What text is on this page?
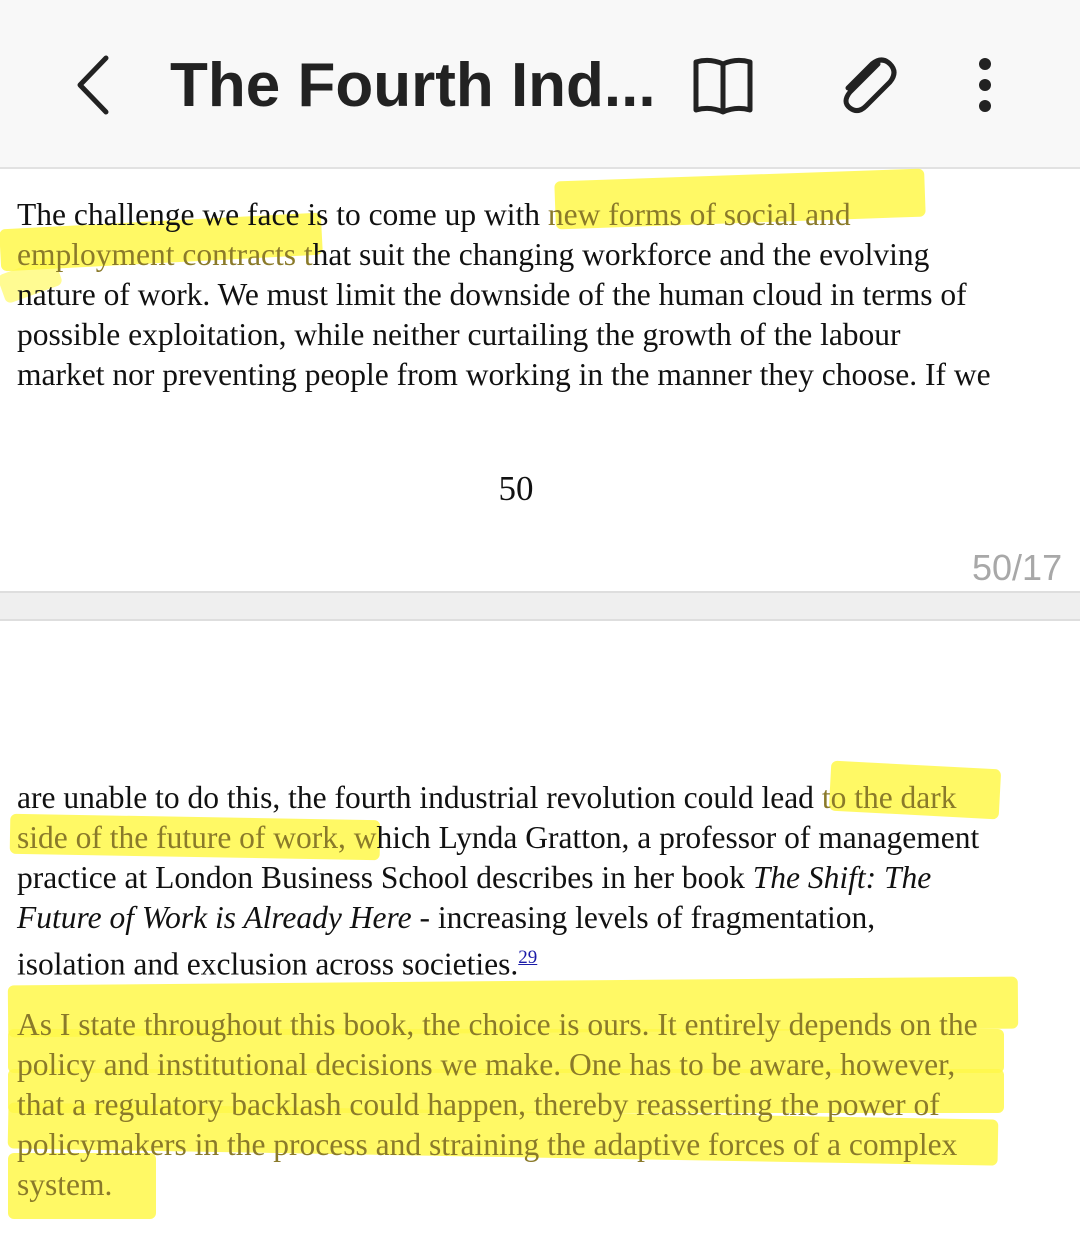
The Fourth Ind...
The challenge we face is to come up with new forms of social and
employment contracts that suit the changing workforce and the evolving
nature of work. We must limit the downside of the human cloud in terms of
possible exploitation, while neither curtailing the growth of the labour
market nor preventing people from working in the manner they choose. If we
50
50/17
are unable to do this, the fourth industrial revolution could lead to the dark
side of the future of work, which Lynda Gratton, a professor of management
practice at London Business School describes in her book The Shift: The
Future of Work is Already Here - increasing levels of fragmentation,
isolation and exclusion across societies.$^{29}$
As I state throughout this book, the choice is ours. It entirely depends on the
policy and institutional decisions we make. One has to be aware, however,
that a regulatory backlash could happen, thereby reasserting the power of
policymakers in the process and straining the adaptive forces of a complex
system.
